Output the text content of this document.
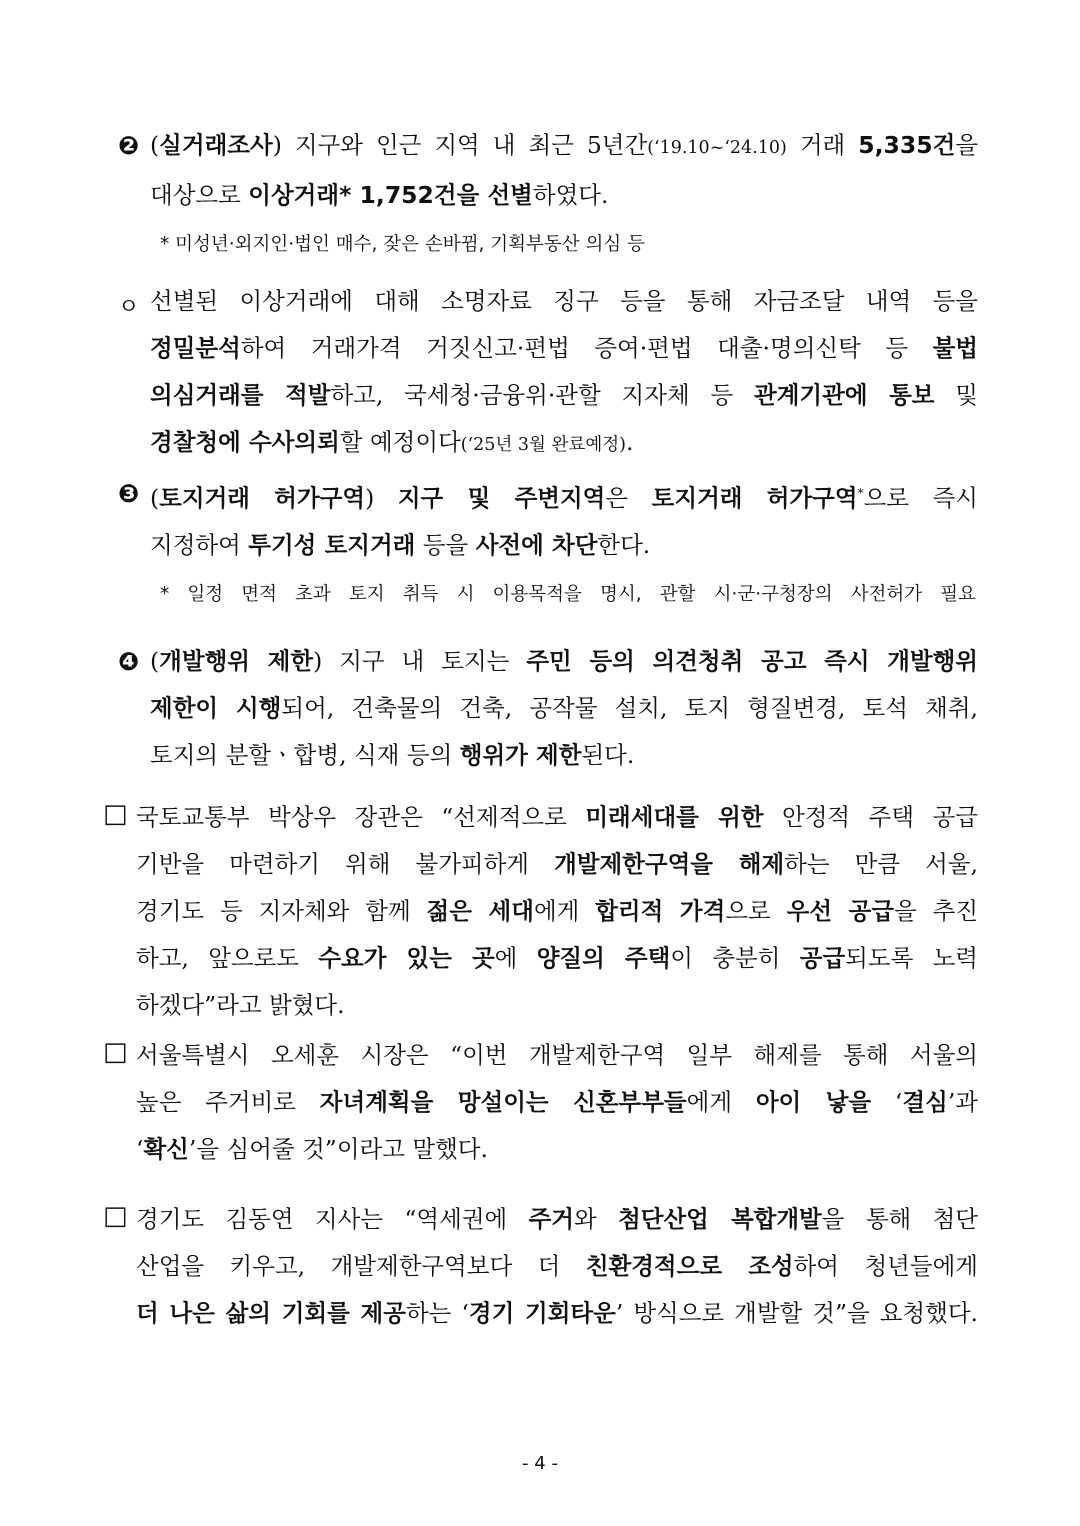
❷ (실거래조사) 지구와 인근 지역 내 최근 5년간(‘19.10~‘24.10) 거래 5,335건을
대상으로 이상거래* 1,752건을 선별하였다.
* 미성년·외지인·법인 매수, 잦은 손바뀜, 기획부동산 의심 등
ㅇ 선별된 이상거래에 대해 소명자료 징구 등을 통해 자금조달 내역 등을
정밀분석하여 거래가격 거짓신고·편법 증여·편법 대출·명의신탁 등 불법
의심거래를 적발하고, 국세청·금융위·관할 지자체 등 관계기관에 통보 및
경찰청에 수사의뢰할 예정이다(‘25년 3월 완료예정).
❸ (토지거래 허가구역) 지구 및 주변지역은 토지거래 허가구역*으로 즉시
지정하여 투기성 토지거래 등을 사전에 차단한다.
* 일정 면적 초과 토지 취득 시 이용목적을 명시, 관할 시·군·구청장의 사전허가 필요
❹ (개발행위 제한) 지구 내 토지는 주민 등의 의견청취 공고 즉시 개발행위
제한이 시행되어, 건축물의 건축, 공작물 설치, 토지 형질변경, 토석 채취,
토지의 분할ㆍ합병, 식재 등의 행위가 제한된다.
□ 국토교통부 박상우 장관은 “선제적으로 미래세대를 위한 안정적 주택 공급
기반을 마련하기 위해 불가피하게 개발제한구역을 해제하는 만큼 서울,
경기도 등 지자체와 함께 젊은 세대에게 합리적 가격으로 우선 공급을 추진
하고, 앞으로도 수요가 있는 곳에 양질의 주택이 충분히 공급되도록 노력
하겠다”라고 밝혔다.
□ 서울특별시 오세훈 시장은 “이번 개발제한구역 일부 해제를 통해 서울의
높은 주거비로 자녀계획을 망설이는 신혼부부들에게 아이 낳을 ‘결심’과
‘확신’을 심어줄 것”이라고 말했다.
□ 경기도 김동연 지사는 “역세권에 주거와 첨단산업 복합개발을 통해 첨단
산업을 키우고, 개발제한구역보다 더 친환경적으로 조성하여 청년들에게
더 나은 삶의 기회를 제공하는 ‘경기 기회타운’ 방식으로 개발할 것”을 요청했다.
- 4 -
